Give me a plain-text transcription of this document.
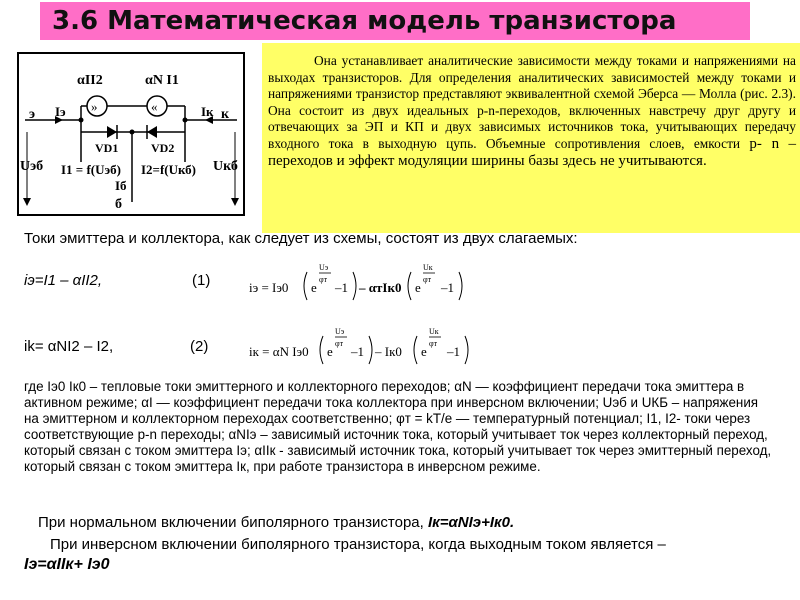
3.6 Математическая модель транзистора
»	«
αIІ2	αN I1
э Iэ
VD1	VD2
Iк к
Uэб I1 = f(Uэб) I2=f(Uкб)
Iб
б
Uкб

Она устанавливает аналитические зависимости между токами и напряжениями на выходах транзисторов. Для определения аналитических зависимостей между токами и напряжениями транзистор представляют эквивалентной схемой Эберса — Молла (рис. 2.3). Она состоит из двух идеальных p-n-переходов, включенных навстречу друг другу и отвечающих за ЭП и КП и двух зависимых источников тока, учитывающих передачу входного тока в выходную цупь. Объемные сопротивления слоев, емкости p- n – переходов и эффект модуляции ширины базы здесь не учитываются.

Токи эмиттера и коллектора, как следует из схемы, состоят из двух слагаемых:
iэ=I1 – αII2,	(1)	iэ = Iэ0 e
Uэ
φт
–1 – αтIк0 e
Uк
φт
–1
ik= αNI2 – I2,	(2)	iк = αN Iэ0 e
Uэ
φт
–1 – Iк0 e
Uк
φт
–1

где Iэ0 Iк0 – тепловые токи эмиттерного и коллекторного переходов; αN — коэффициент передачи тока эмиттера в активном режиме; αI — коэффициент передачи тока коллектора при инверсном включении; Uэб и UКБ – напряжения на эмиттерном и коллекторном переходах соответственно; φт = kT/e — температурный потенциал; I1, I2- токи через соответствующие p-n переходы; αNIэ – зависимый источник тока, который учитывает ток через коллекторный переход, который связан с током эмиттера Iэ; αIIк - зависимый источник тока, который учитывает ток через эмиттерный переход, который связан с током эмиттера Iк, при работе транзистора в инверсном режиме.

При нормальном включении биполярного транзистора, Iк=αNIэ+Iк0.
При инверсном включении биполярного транзистора, когда выходным током является –
Iэ=αIIк+ Iэ0
